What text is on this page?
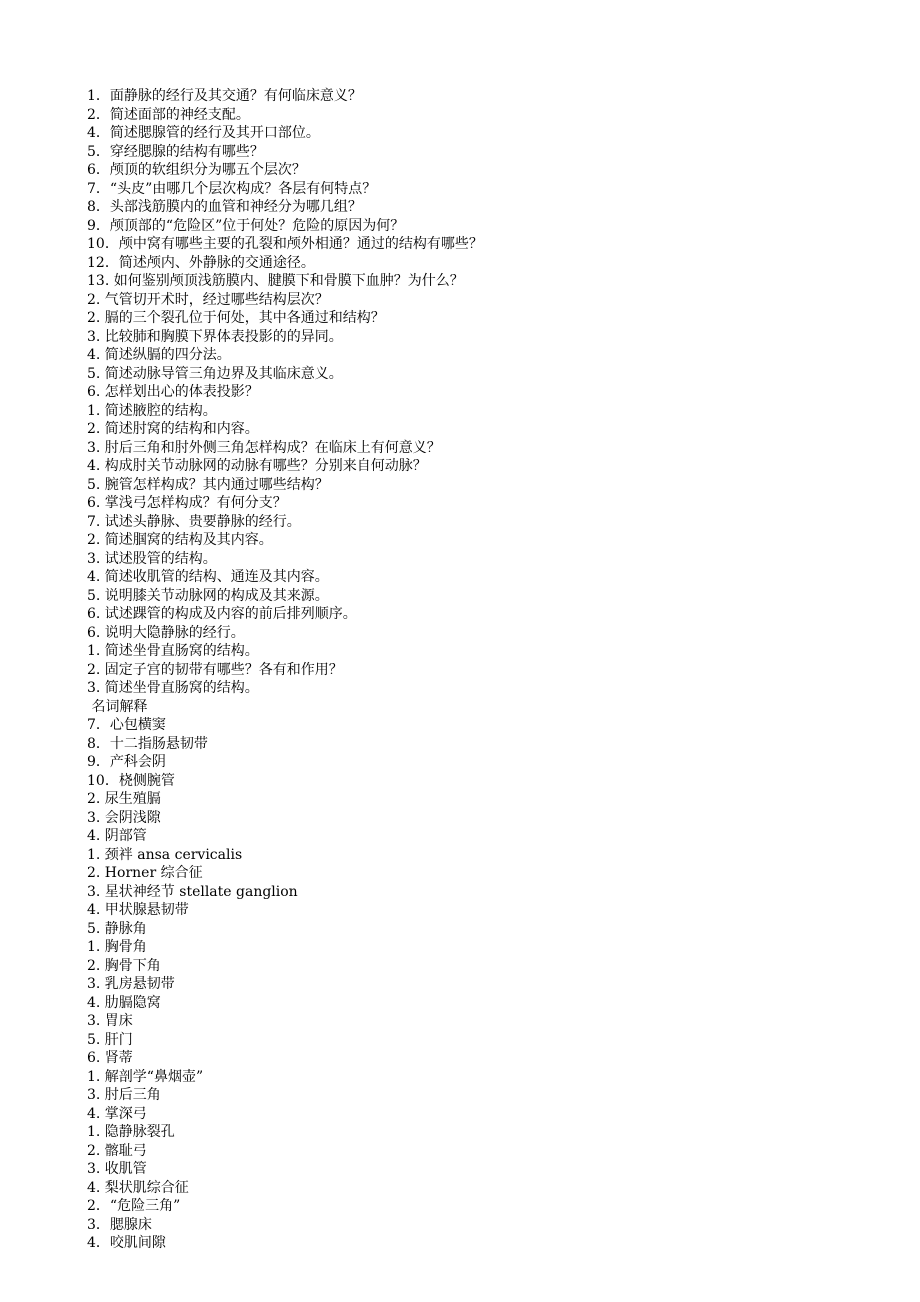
1．面静脉的经行及其交通？有何临床意义？
2．简述面部的神经支配。
4．简述腮腺管的经行及其开口部位。
5．穿经腮腺的结构有哪些？
6．颅顶的软组织分为哪五个层次？
7．“头皮”由哪几个层次构成？各层有何特点？
8．头部浅筋膜内的血管和神经分为哪几组？
9．颅顶部的“危险区”位于何处？危险的原因为何？
10．颅中窝有哪些主要的孔裂和颅外相通？通过的结构有哪些？
12．简述颅内、外静脉的交通途径。
13. 如何鉴别颅顶浅筋膜内、腱膜下和骨膜下血肿？为什么？
2. 气管切开术时，经过哪些结构层次？
2. 膈的三个裂孔位于何处，其中各通过和结构？
3. 比较肺和胸膜下界体表投影的的异同。
4. 简述纵膈的四分法。
5. 简述动脉导管三角边界及其临床意义。
6. 怎样划出心的体表投影？
1. 简述腋腔的结构。
2. 简述肘窝的结构和内容。
3. 肘后三角和肘外侧三角怎样构成？在临床上有何意义？
4. 构成肘关节动脉网的动脉有哪些？分别来自何动脉？
5. 腕管怎样构成？其内通过哪些结构？
6. 掌浅弓怎样构成？有何分支？
7. 试述头静脉、贵要静脉的经行。
2. 简述腘窝的结构及其内容。
3. 试述股管的结构。
4. 简述收肌管的结构、通连及其内容。
5. 说明膝关节动脉网的构成及其来源。
6. 试述踝管的构成及内容的前后排列顺序。
6. 说明大隐静脉的经行。
1. 简述坐骨直肠窝的结构。
2. 固定子宫的韧带有哪些？各有和作用？
3. 简述坐骨直肠窝的结构。
名词解释
7．心包横窦
8．十二指肠悬韧带
9．产科会阴
10．桡侧腕管
2. 尿生殖膈
3. 会阴浅隙
4. 阴部管
1. 颈袢 ansa cervicalis
2. Horner 综合征
3. 星状神经节 stellate ganglion
4. 甲状腺悬韧带
5. 静脉角
1. 胸骨角
2. 胸骨下角
3. 乳房悬韧带
4. 肋膈隐窝
3. 胃床
5. 肝门
6. 肾蒂
1. 解剖学“鼻烟壶”
3. 肘后三角
4. 掌深弓
1. 隐静脉裂孔
2. 髂耻弓
3. 收肌管
4. 梨状肌综合征
2．“危险三角”
3．腮腺床
4．咬肌间隙
